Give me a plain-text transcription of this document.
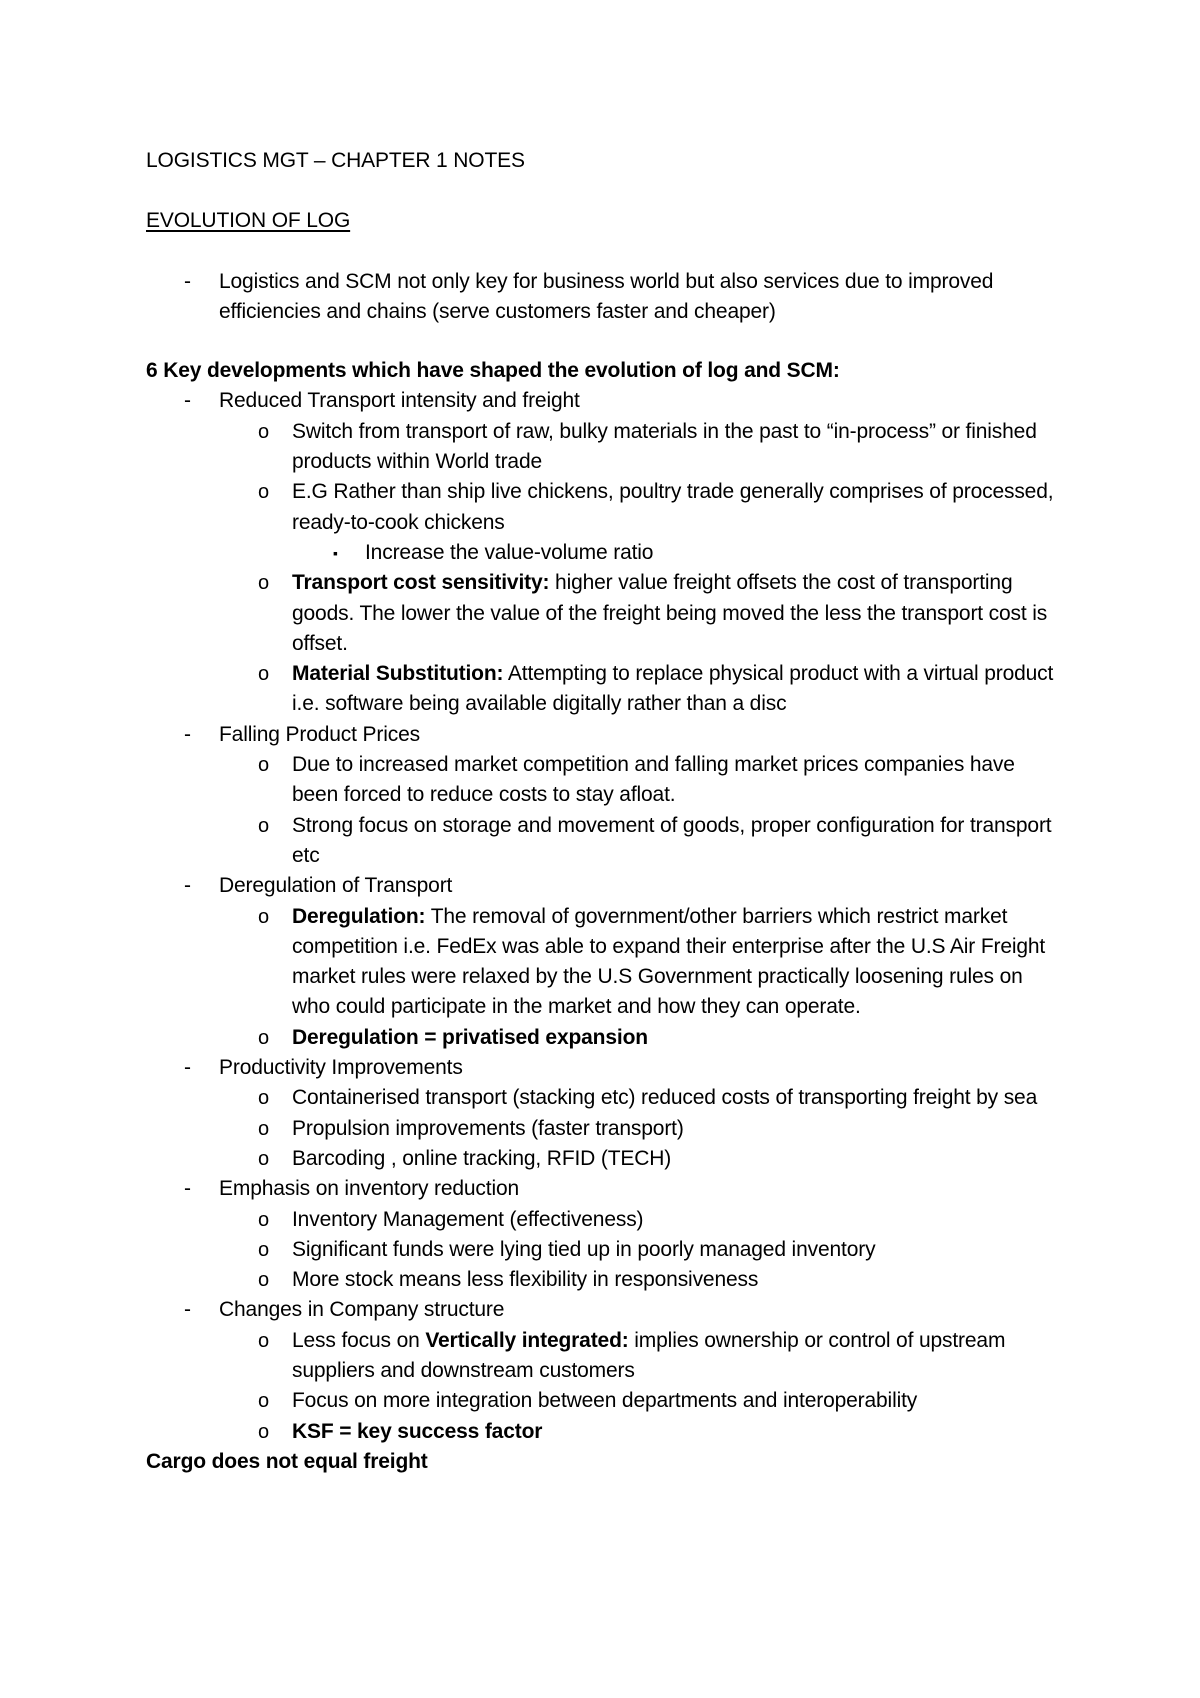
LOGISTICS MGT – CHAPTER 1 NOTES

EVOLUTION OF LOG

- Logistics and SCM not only key for business world but also services due to improved efficiencies and chains (serve customers faster and cheaper)

6 Key developments which have shaped the evolution of log and SCM:

- Reduced Transport intensity and freight
o Switch from transport of raw, bulky materials in the past to “in-process” or finished products within World trade
o E.G Rather than ship live chickens, poultry trade generally comprises of processed, ready-to-cook chickens
▪ Increase the value-volume ratio
o Transport cost sensitivity: higher value freight offsets the cost of transporting goods. The lower the value of the freight being moved the less the transport cost is offset.
o Material Substitution: Attempting to replace physical product with a virtual product i.e. software being available digitally rather than a disc
- Falling Product Prices
o Due to increased market competition and falling market prices companies have been forced to reduce costs to stay afloat.
o Strong focus on storage and movement of goods, proper configuration for transport etc
- Deregulation of Transport
o Deregulation: The removal of government/other barriers which restrict market competition i.e. FedEx was able to expand their enterprise after the U.S Air Freight market rules were relaxed by the U.S Government practically loosening rules on who could participate in the market and how they can operate.
o Deregulation = privatised expansion
- Productivity Improvements
o Containerised transport (stacking etc) reduced costs of transporting freight by sea
o Propulsion improvements (faster transport)
o Barcoding , online tracking, RFID (TECH)
- Emphasis on inventory reduction
o Inventory Management (effectiveness)
o Significant funds were lying tied up in poorly managed inventory
o More stock means less flexibility in responsiveness
- Changes in Company structure
o Less focus on Vertically integrated: implies ownership or control of upstream suppliers and downstream customers
o Focus on more integration between departments and interoperability
o KSF = key success factor

Cargo does not equal freight
